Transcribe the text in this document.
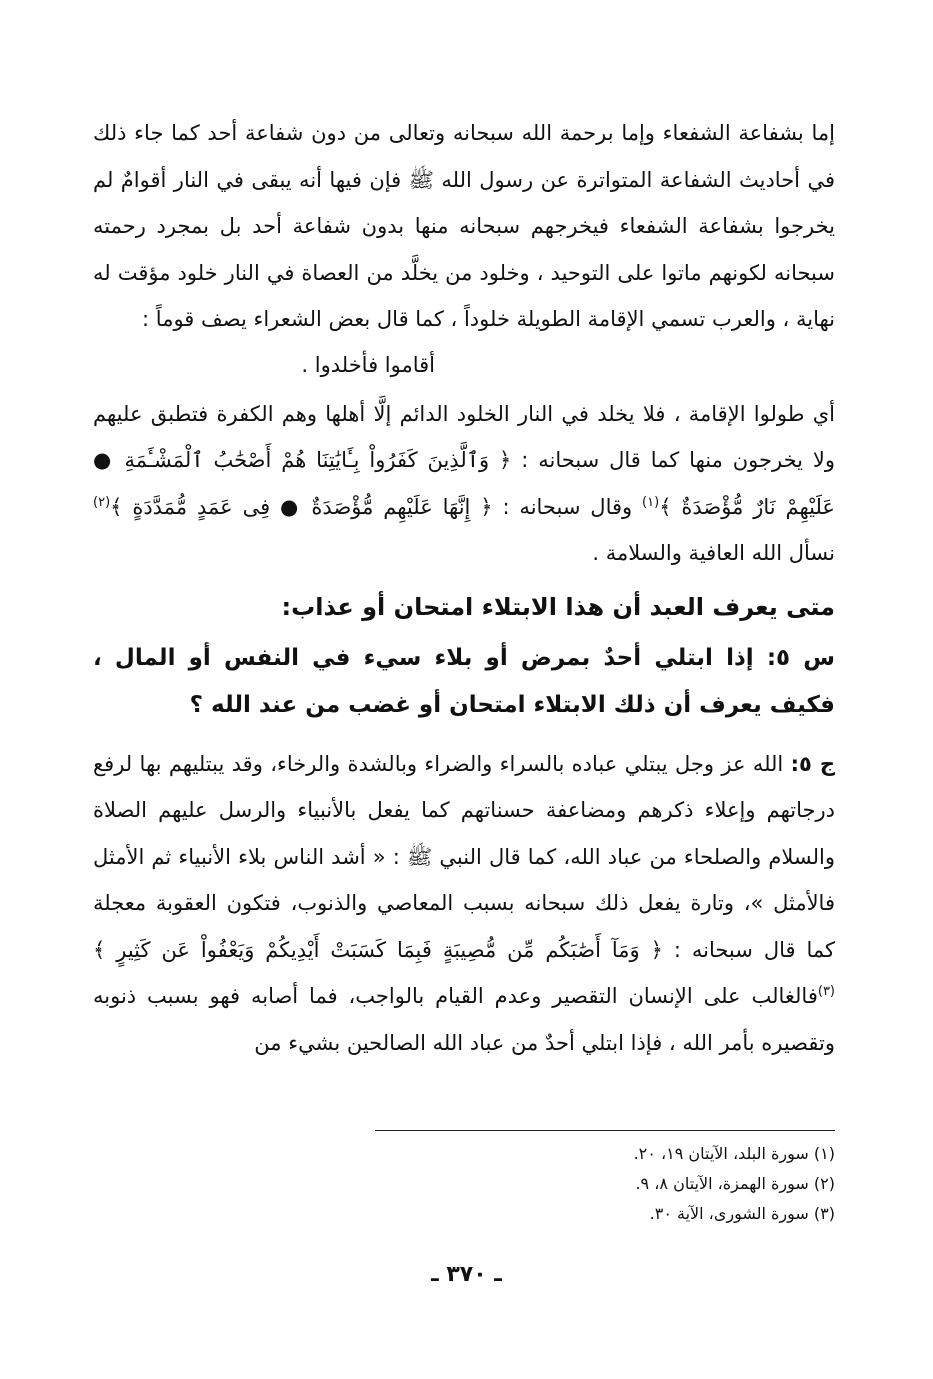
إما بشفاعة الشفعاء وإما برحمة الله سبحانه وتعالى من دون شفاعة أحد كما جاء ذلك في أحاديث الشفاعة المتواترة عن رسول الله ﷺ فإن فيها أنه يبقى في النار أقوامٌ لم يخرجوا بشفاعة الشفعاء فيخرجهم سبحانه منها بدون شفاعة أحد بل بمجرد رحمته سبحانه لكونهم ماتوا على التوحيد ، وخلود من يخلَّد من العصاة في النار خلود مؤقت له نهاية ، والعرب تسمي الإقامة الطويلة خلوداً ، كما قال بعض الشعراء يصف قوماً :

أقاموا فأخلدوا .

أي طولوا الإقامة ، فلا يخلد في النار الخلود الدائم إلَّا أهلها وهم الكفرة فتطبق عليهم ولا يخرجون منها كما قال سبحانه : ﴿ وَٱلَّذِينَ كَفَرُواْ بِـَٔايَٰتِنَا هُمْ أَصْحَٰبُ ٱلْمَشْـَٔمَةِ ● عَلَيْهِمْ نَارٌ مُّؤْصَدَةٌ ﴾$^{(١)}$ وقال سبحانه : ﴿ إِنَّهَا عَلَيْهِم مُّؤْصَدَةٌ ● فِى عَمَدٍ مُّمَدَّدَةٍ ﴾$^{(٢)}$ نسأل الله العافية والسلامة .

متى يعرف العبد أن هذا الابتلاء امتحان أو عذاب:

س ٥: إذا ابتلي أحدٌ بمرض أو بلاء سيء في النفس أو المال ، فكيف يعرف أن ذلك الابتلاء امتحان أو غضب من عند الله ؟

ج ٥: الله عز وجل يبتلي عباده بالسراء والضراء وبالشدة والرخاء، وقد يبتليهم بها لرفع درجاتهم وإعلاء ذكرهم ومضاعفة حسناتهم كما يفعل بالأنبياء والرسل عليهم الصلاة والسلام والصلحاء من عباد الله، كما قال النبي ﷺ : « أشد الناس بلاء الأنبياء ثم الأمثل فالأمثل »، وتارة يفعل ذلك سبحانه بسبب المعاصي والذنوب، فتكون العقوبة معجلة كما قال سبحانه : ﴿ وَمَآ أَصَٰبَكُم مِّن مُّصِيبَةٍ فَبِمَا كَسَبَتْ أَيْدِيكُمْ وَيَعْفُواْ عَن كَثِيرٍ ﴾$^{(٣)}$فالغالب على الإنسان التقصير وعدم القيام بالواجب، فما أصابه فهو بسبب ذنوبه وتقصيره بأمر الله ، فإذا ابتلي أحدٌ من عباد الله الصالحين بشيء من

(١) سورة البلد، الآيتان ١٩، ٢٠.

(٢) سورة الهمزة، الآيتان ٨، ٩.

(٣) سورة الشورى، الآية ٣٠.

ـ ٣٧٠ ـ
